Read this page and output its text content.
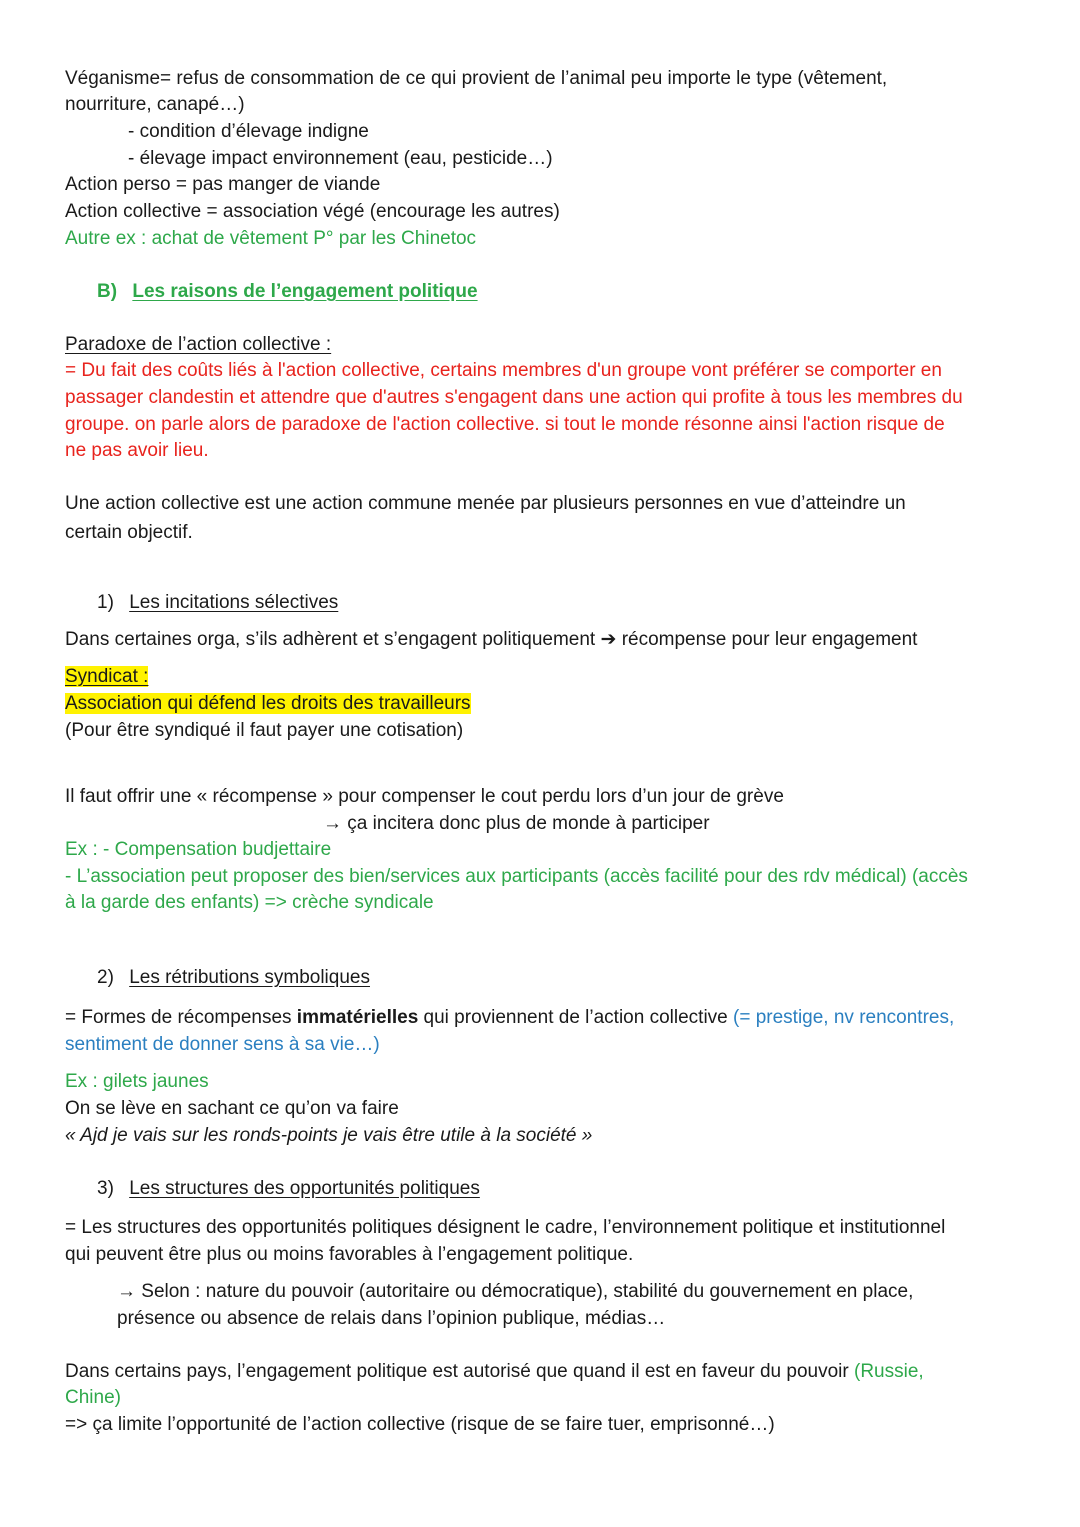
Véganisme= refus de consommation de ce qui provient de l’animal peu importe le type (vêtement,
nourriture, canapé…)
- condition d’élevage indigne
- élevage impact environnement (eau, pesticide…)
Action perso = pas manger de viande
Action collective = association végé (encourage les autres)
Autre ex : achat de vêtement P° par les Chinetoc
B) Les raisons de l’engagement politique
Paradoxe de l’action collective :
= Du fait des coûts liés à l'action collective, certains membres d'un groupe vont préférer se comporter en
passager clandestin et attendre que d'autres s'engagent dans une action qui profite à tous les membres du
groupe. on parle alors de paradoxe de l'action collective. si tout le monde résonne ainsi l'action risque de
ne pas avoir lieu.
Une action collective est une action commune menée par plusieurs personnes en vue d’atteindre un
certain objectif.
1) Les incitations sélectives
Dans certaines orga, s’ils adhèrent et s’engagent politiquement ➔ récompense pour leur engagement
Syndicat :
Association qui défend les droits des travailleurs
(Pour être syndiqué il faut payer une cotisation)
Il faut offrir une « récompense » pour compenser le cout perdu lors d’un jour de grève
→ ça incitera donc plus de monde à participer
Ex : - Compensation budjettaire
- L’association peut proposer des bien/services aux participants (accès facilité pour des rdv médical) (accès
à la garde des enfants) => crèche syndicale
2) Les rétributions symboliques
= Formes de récompenses immatérielles qui proviennent de l’action collective (= prestige, nv rencontres,
sentiment de donner sens à sa vie…)
Ex : gilets jaunes
On se lève en sachant ce qu’on va faire
« Ajd je vais sur les ronds-points je vais être utile à la société »
3) Les structures des opportunités politiques
= Les structures des opportunités politiques désignent le cadre, l’environnement politique et institutionnel
qui peuvent être plus ou moins favorables à l’engagement politique.
→ Selon : nature du pouvoir (autoritaire ou démocratique), stabilité du gouvernement en place,
présence ou absence de relais dans l’opinion publique, médias…
Dans certains pays, l’engagement politique est autorisé que quand il est en faveur du pouvoir (Russie,
Chine)
=> ça limite l’opportunité de l’action collective (risque de se faire tuer, emprisonné…)
